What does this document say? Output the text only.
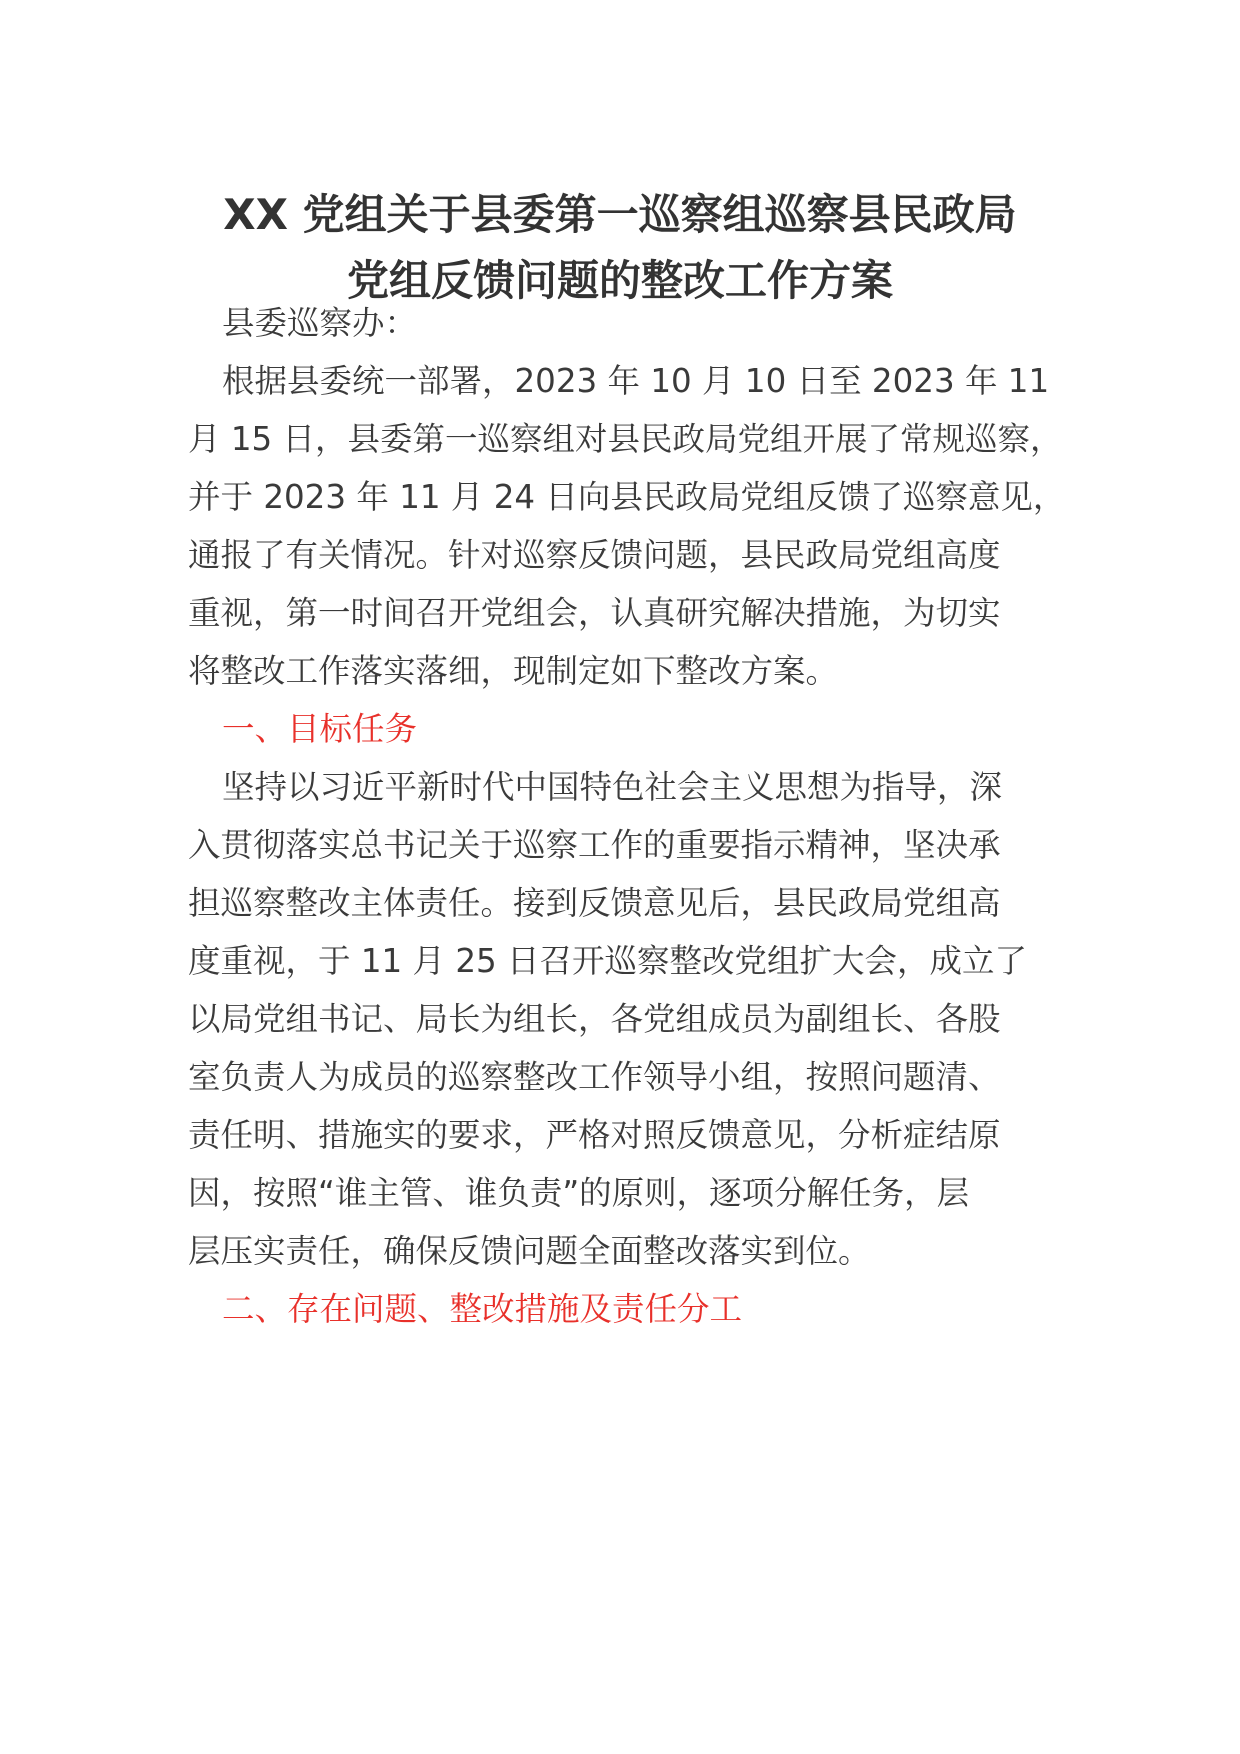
XX 党组关于县委第一巡察组巡察县民政局
党组反馈问题的整改工作方案
县委巡察办：
根据县委统一部署，2023 年 10 月 10 日至 2023 年 11
月 15 日，县委第一巡察组对县民政局党组开展了常规巡察，
并于 2023 年 11 月 24 日向县民政局党组反馈了巡察意见，
通报了有关情况。针对巡察反馈问题，县民政局党组高度
重视，第一时间召开党组会，认真研究解决措施，为切实
将整改工作落实落细，现制定如下整改方案。
一、目标任务
坚持以习近平新时代中国特色社会主义思想为指导，深
入贯彻落实总书记关于巡察工作的重要指示精神，坚决承
担巡察整改主体责任。接到反馈意见后，县民政局党组高
度重视，于 11 月 25 日召开巡察整改党组扩大会，成立了
以局党组书记、局长为组长，各党组成员为副组长、各股
室负责人为成员的巡察整改工作领导小组，按照问题清、
责任明、措施实的要求，严格对照反馈意见，分析症结原
因，按照“谁主管、谁负责”的原则，逐项分解任务，层
层压实责任，确保反馈问题全面整改落实到位。
二、存在问题、整改措施及责任分工
